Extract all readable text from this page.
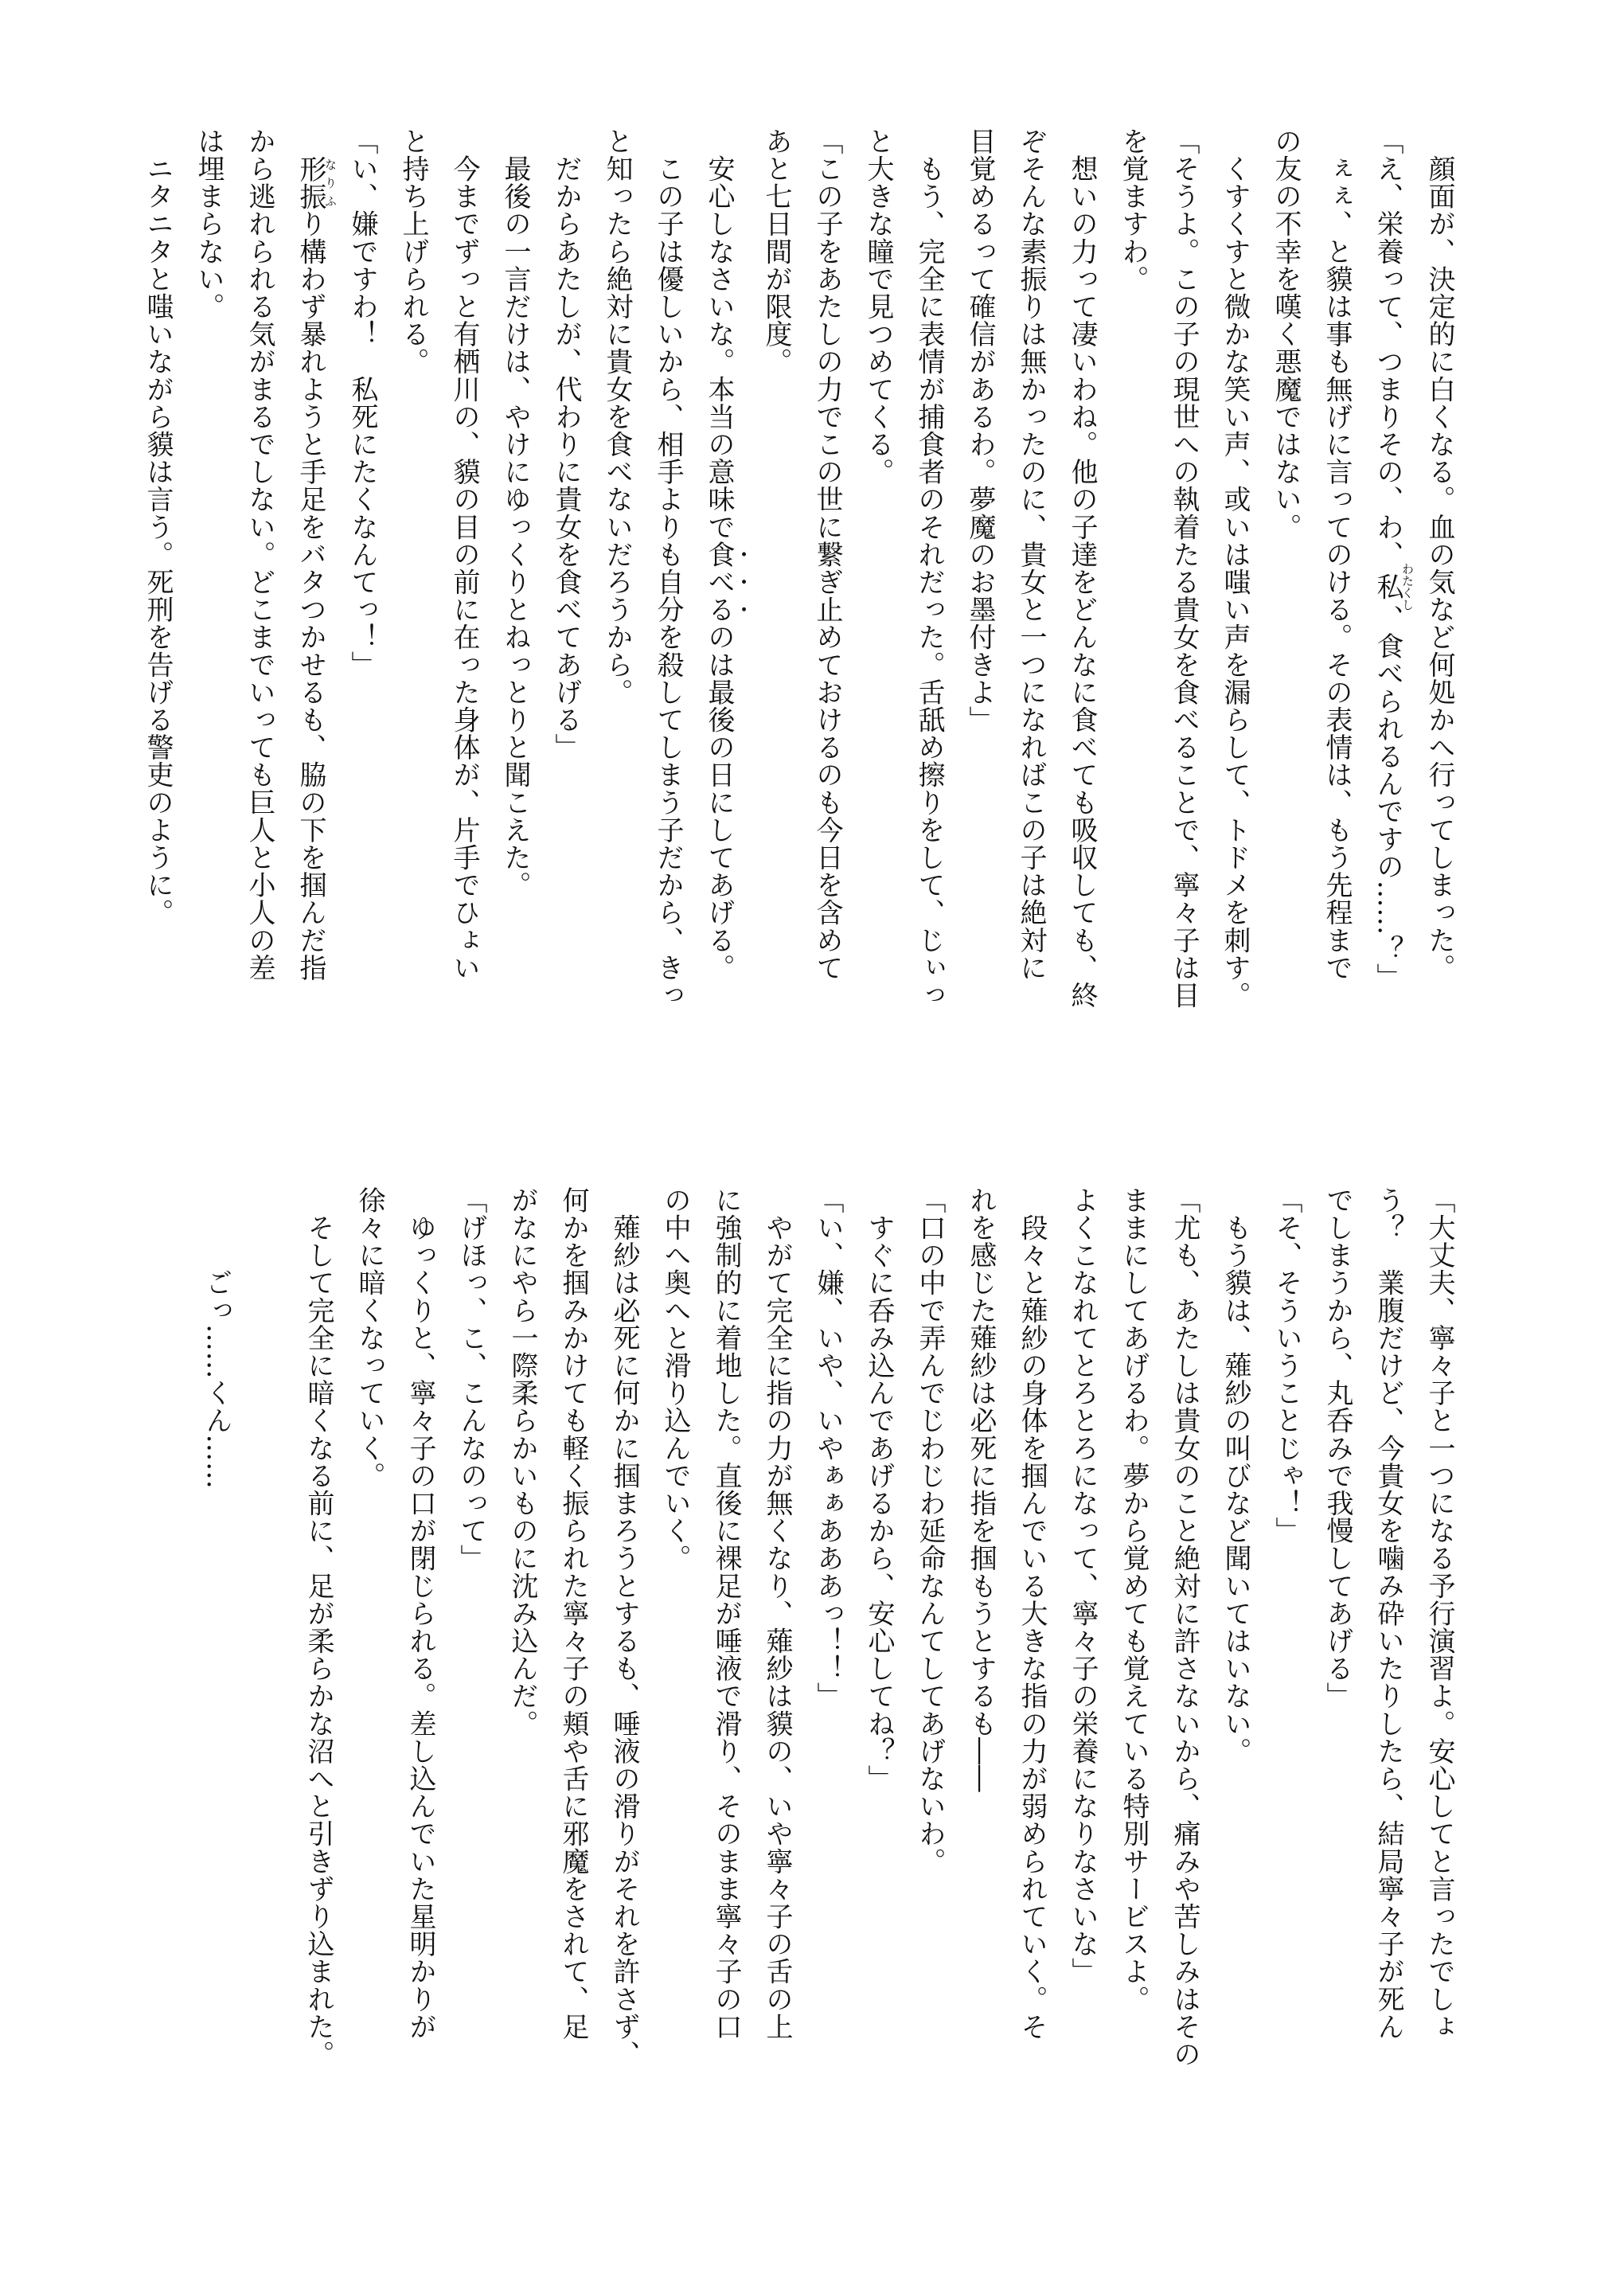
　顔面が、決定的に白くなる。血の気など何処かへ行ってしまった。

「え、栄養って、つまりその、わ、私わたくし、食べられるんですの……？」

　ぇぇ、と貘は事も無げに言ってのける。その表情は、もう先程まで

の友の不幸を嘆く悪魔ではない。

　くすくすと微かな笑い声、或いは嗤い声を漏らして、トドメを刺す。

「そうよ。この子の現世への執着たる貴女を食べることで、寧々子は目

を覚ますわ。

　想いの力って凄いわね。他の子達をどんなに食べても吸収しても、終

ぞそんな素振りは無かったのに、貴女と一つになればこの子は絶対に

目覚めるって確信があるわ。夢魔のお墨付きよ」

　もう、完全に表情が捕食者のそれだった。舌舐め擦りをして、じぃっ

と大きな瞳で見つめてくる。

「この子をあたしの力でこの世に繋ぎ止めておけるのも今日を含めて

あと七日間が限度。

　安心しなさいな。本当の意味で食べるのは最後の日にしてあげる。

　この子は優しいから、相手よりも自分を殺してしまう子だから、きっ

と知ったら絶対に貴女を食べないだろうから。

　だからあたしが、代わりに貴女を食べてあげる」

　最後の一言だけは、やけにゆっくりとねっとりと聞こえた。

　今までずっと有栖川の、貘の目の前に在った身体が、片手でひょい

と持ち上げられる。

「い、嫌ですわ！　私死にたくなんてっ！」

　形振なりふり構わず暴れようと手足をバタつかせるも、脇の下を掴んだ指

から逃れられる気がまるでしない。どこまでいっても巨人と小人の差

は埋まらない。

　ニタニタと嗤いながら貘は言う。死刑を告げる警吏のように。

「大丈夫、寧々子と一つになる予行演習よ。安心してと言ったでしょ

う？　業腹だけど、今貴女を噛み砕いたりしたら、結局寧々子が死ん

でしまうから、丸呑みで我慢してあげる」

「そ、そういうことじゃ！」

　もう貘は、薙紗の叫びなど聞いてはいない。

「尤も、あたしは貴女のこと絶対に許さないから、痛みや苦しみはその

ままにしてあげるわ。夢から覚めても覚えている特別サービスよ。

よくこなれてとろとろになって、寧々子の栄養になりなさいな」

　段々と薙紗の身体を掴んでいる大きな指の力が弱められていく。そ

れを感じた薙紗は必死に指を掴もうとするも――

「口の中で弄んでじわじわ延命なんてしてあげないわ。

　すぐに呑み込んであげるから、安心してね？」

「い、嫌、いや、いやぁぁあああっ！！」

　やがて完全に指の力が無くなり、薙紗は貘の、いや寧々子の舌の上

に強制的に着地した。直後に裸足が唾液で滑り、そのまま寧々子の口

の中へ奥へと滑り込んでいく。

　薙紗は必死に何かに掴まろうとするも、唾液の滑りがそれを許さず、

何かを掴みかけても軽く振られた寧々子の頬や舌に邪魔をされて、足

がなにやら一際柔らかいものに沈み込んだ。

「げほっ、こ、こんなのって」

　ゆっくりと、寧々子の口が閉じられる。差し込んでいた星明かりが

徐々に暗くなっていく。

　そして完全に暗くなる前に、足が柔らかな沼へと引きずり込まれた。

　　　ごっ……くん……
